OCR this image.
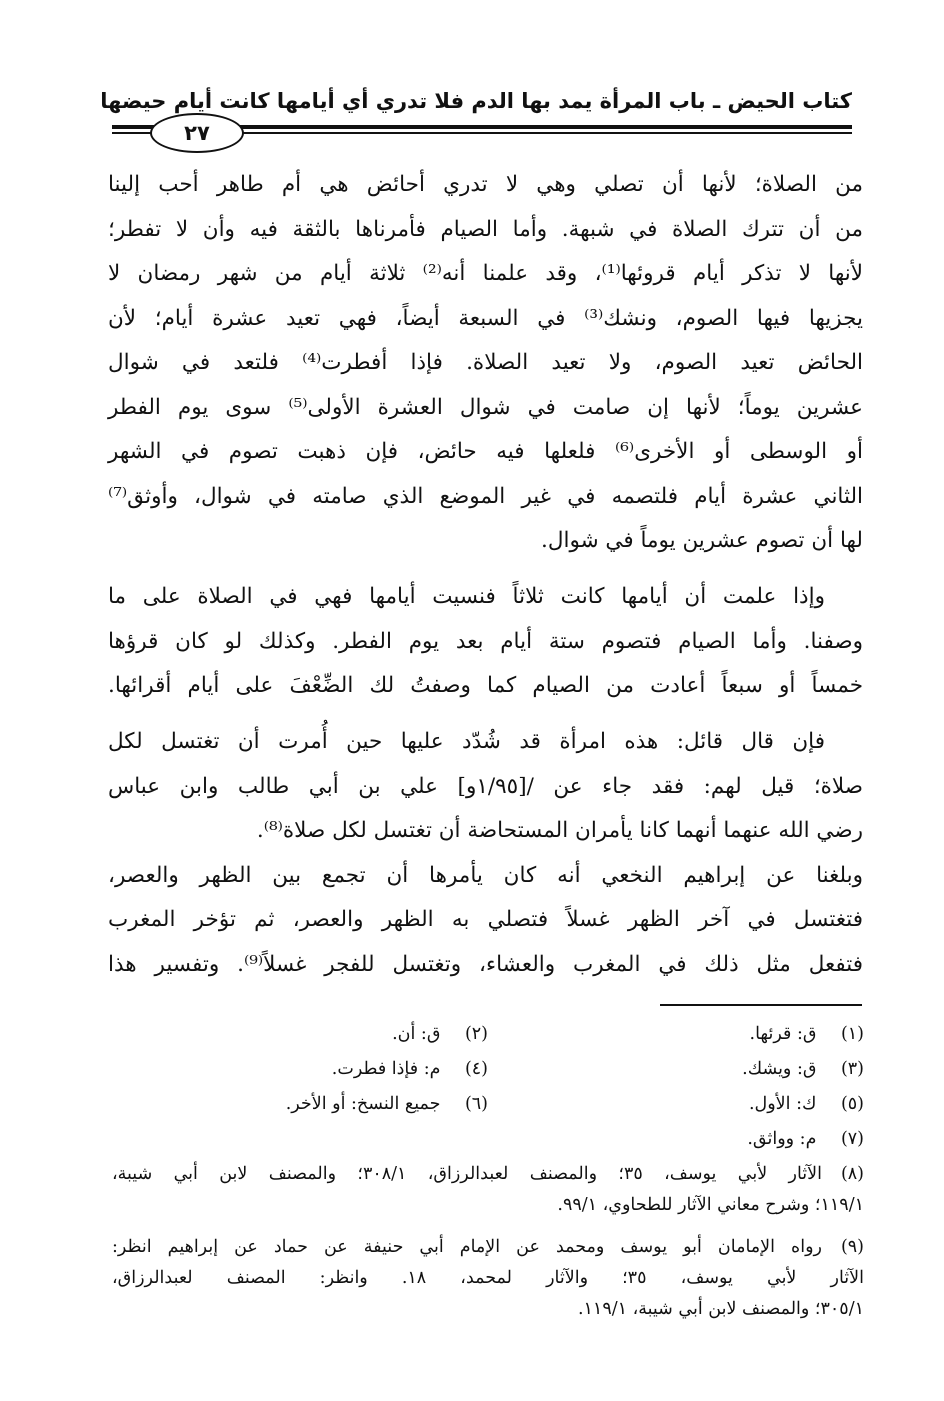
كتاب الحيض ـ باب المرأة يمد بها الدم فلا تدري أي أيامها كانت أيام حيضها
٢٧
من الصلاة؛ لأنها أن تصلي وهي لا تدري أحائض هي أم طاهر أحب إلينا
من أن تترك الصلاة في شبهة. وأما الصيام فأمرناها بالثقة فيه وأن لا تفطر؛
لأنها لا تذكر أيام قروئها⁽¹⁾، وقد علمنا أنه⁽²⁾ ثلاثة أيام من شهر رمضان لا
يجزيها فيها الصوم، ونشك⁽³⁾ في السبعة أيضاً، فهي تعيد عشرة أيام؛ لأن
الحائض تعيد الصوم، ولا تعيد الصلاة. فإذا أفطرت⁽⁴⁾ فلتعد في شوال
عشرين يوماً؛ لأنها إن صامت في شوال العشرة الأولى⁽⁵⁾ سوى يوم الفطر
أو الوسطى أو الأخرى⁽⁶⁾ فلعلها فيه حائض، فإن ذهبت تصوم في الشهر
الثاني عشرة أيام فلتصمه في غير الموضع الذي صامته في شوال، وأوثق⁽⁷⁾
لها أن تصوم عشرين يوماً في شوال.
وإذا علمت أن أيامها كانت ثلاثاً فنسيت أيامها فهي في الصلاة على ما
وصفنا. وأما الصيام فتصوم ستة أيام بعد يوم الفطر. وكذلك لو كان قرؤها
خمساً أو سبعاً أعادت من الصيام كما وصفتُ لك الضِّعْفَ على أيام أقرائها.
فإن قال قائل: هذه امرأة قد شُدّد عليها حين أُمرت أن تغتسل لكل
صلاة؛ قيل لهم: فقد جاء عن /[١/٩٥و] علي بن أبي طالب وابن عباس
رضي الله عنهما أنهما كانا يأمران المستحاضة أن تغتسل لكل صلاة⁽⁸⁾.
وبلغنا عن إبراهيم النخعي أنه كان يأمرها أن تجمع بين الظهر والعصر،
فتغتسل في آخر الظهر غسلاً فتصلي به الظهر والعصر، ثم تؤخر المغرب
فتفعل مثل ذلك في المغرب والعشاء، وتغتسل للفجر غسلاً⁽⁹⁾. وتفسير هذا
(١) ق: قرئها.
(٢) ق: أن.
(٣) ق: ويشك.
(٤) م: فإذا فطرت.
(٥) ك: الأول.
(٦) جميع النسخ: أو الأخر.
(٧) م: وواثق.
(٨)
الآثار لأبي يوسف، ٣٥؛ والمصنف لعبدالرزاق، ٣٠٨/١؛ والمصنف لابن أبي شيبة،
١١٩/١؛ وشرح معاني الآثار للطحاوي، ٩٩/١.
(٩)
رواه الإمامان أبو يوسف ومحمد عن الإمام أبي حنيفة عن حماد عن إبراهيم انظر:
الآثار لأبي يوسف، ٣٥؛ والآثار لمحمد، ١٨. وانظر: المصنف لعبدالرزاق،
٣٠٥/١؛ والمصنف لابن أبي شيبة، ١١٩/١.
